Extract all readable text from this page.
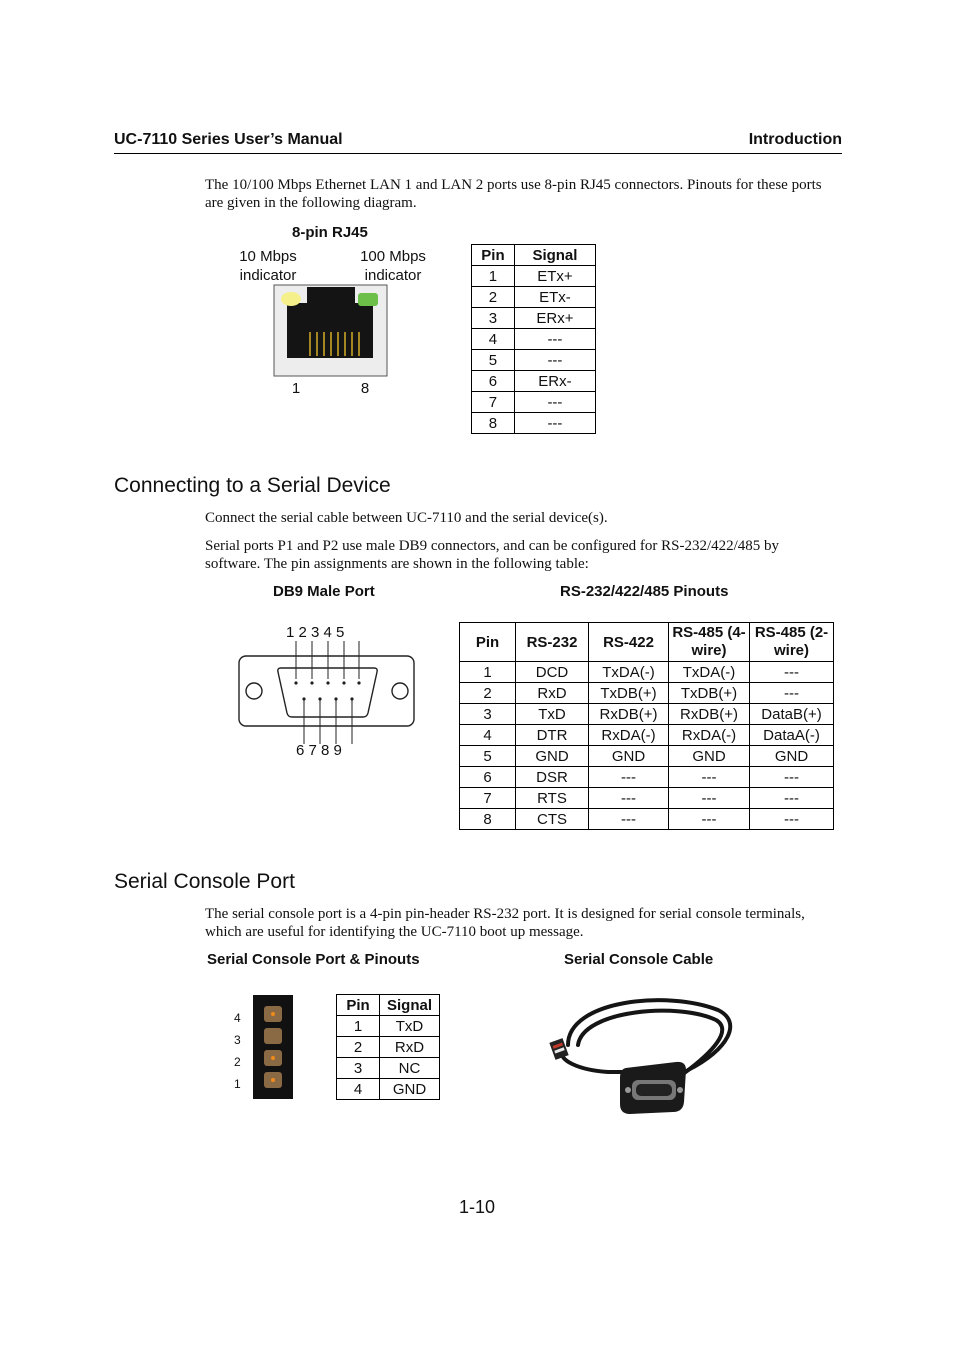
UC-7110 Series User’s Manual	Introduction

The 10/100 Mbps Ethernet LAN 1 and LAN 2 ports use 8-pin RJ45 connectors. Pinouts for these ports are given in the following diagram.

8-pin RJ45
10 Mbps indicator
100 Mbps indicator
1	8
Pin	Signal
1	ETx+
2	ETx-
3	ERx+
4	---
5	---
6	ERx-
7	---
8	---
Connecting to a Serial Device

Connect the serial cable between UC-7110 and the serial device(s).

Serial ports P1 and P2 use male DB9 connectors, and can be configured for RS-232/422/485 by software. The pin assignments are shown in the following table:

DB9 Male Port	RS-232/422/485 Pinouts
1 2 3 4 5
6 7 8 9
Pin	RS-232	RS-422	RS-485 (4-wire)	RS-485 (2-wire)
1	DCD	TxDA(-)	TxDA(-)	---
2	RxD	TxDB(+)	TxDB(+)	---
3	TxD	RxDB(+)	RxDB(+)	DataB(+)
4	DTR	RxDA(-)	RxDA(-)	DataA(-)
5	GND	GND	GND	GND
6	DSR	---	---	---
7	RTS	---	---	---
8	CTS	---	---	---
Serial Console Port

The serial console port is a 4-pin pin-header RS-232 port. It is designed for serial console terminals, which are useful for identifying the UC-7110 boot up message.

Serial Console Port & Pinouts	Serial Console Cable
4
3
2
1
Pin	Signal
1	TxD
2	RxD
3	NC
4	GND
1-10
